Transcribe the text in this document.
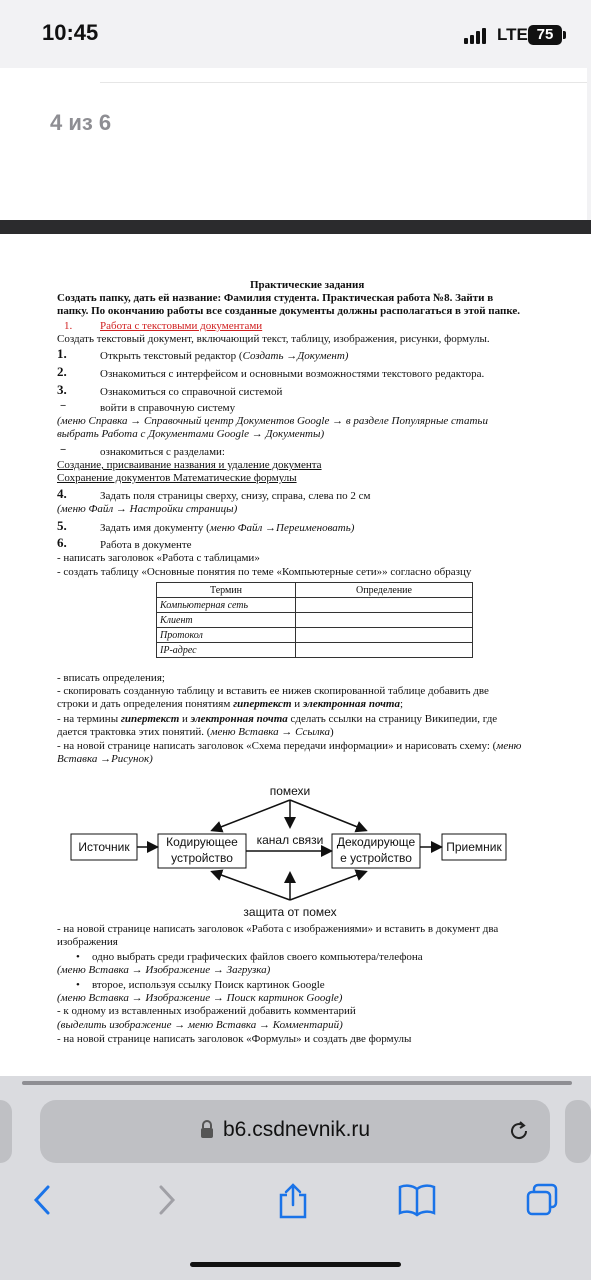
10:45	LTE 75
4 из 6
Практические задания
Создать папку, дать ей название: Фамилия студента. Практическая работа №8. Зайти в
папку. По окончанию работы все созданные документы должны располагаться в этой папке.
1.	Работа с текстовыми документами
Создать текстовый документ, включающий текст, таблицу, изображения, рисунки, формулы.
1.	Открыть текстовый редактор (Создать →Документ)
2.	Ознакомиться с интерфейсом и основными возможностями текстового редактора.
3.	Ознакомиться со справочной системой
−	войти в справочную систему
(меню Справка → Справочный центр Документов Google → в разделе Популярные статьи
выбрать Работа с Документами Google → Документы)
−	ознакомиться с разделами:
Создание, присваивание названия и удаление документа
Сохранение документов Математические формулы
4.	Задать поля страницы сверху, снизу, справа, слева по 2 см
(меню Файл → Настройки страницы)
5.	Задать имя документу (меню Файл →Переименовать)
6.	Работа в документе
- написать заголовок «Работа с таблицами»
- создать таблицу «Основные понятия по теме «Компьютерные сети»» согласно образцу
Термин	Определение
Компьютерная сеть	
Клиент	
Протокол	
IP-адрес	
- вписать определения;
- скопировать созданную таблицу и вставить ее нижев скопированной таблице добавить две
строки и дать определения понятиям гипертекст и электронная почта;
- на термины гипертекст и электронная почта сделать ссылки на страницу Википедии, где
дается трактовка этих понятий. (меню Вставка → Ссылка)
- на новой странице написать заголовок «Схема передачи информации» и нарисовать схему: (меню
Вставка →Рисунок)
помехи
Источник	Кодирующее
устройство
Декодирующе
е устройство
Приемник
канал связи
защита от помех
- на новой странице написать заголовок «Работа с изображениями» и вставить в документ два
изображения
• одно выбрать среди графических файлов своего компьютера/телефона
(меню Вставка → Изображение → Загрузка)
• второе, используя ссылку Поиск картинок Google
(меню Вставка → Изображение → Поиск картинок Google)
- к одному из вставленных изображений добавить комментарий
(выделить изображение → меню Вставка → Комментарий)
- на новой странице написать заголовок «Формулы» и создать две формулы
b6.csdnevnik.ru
